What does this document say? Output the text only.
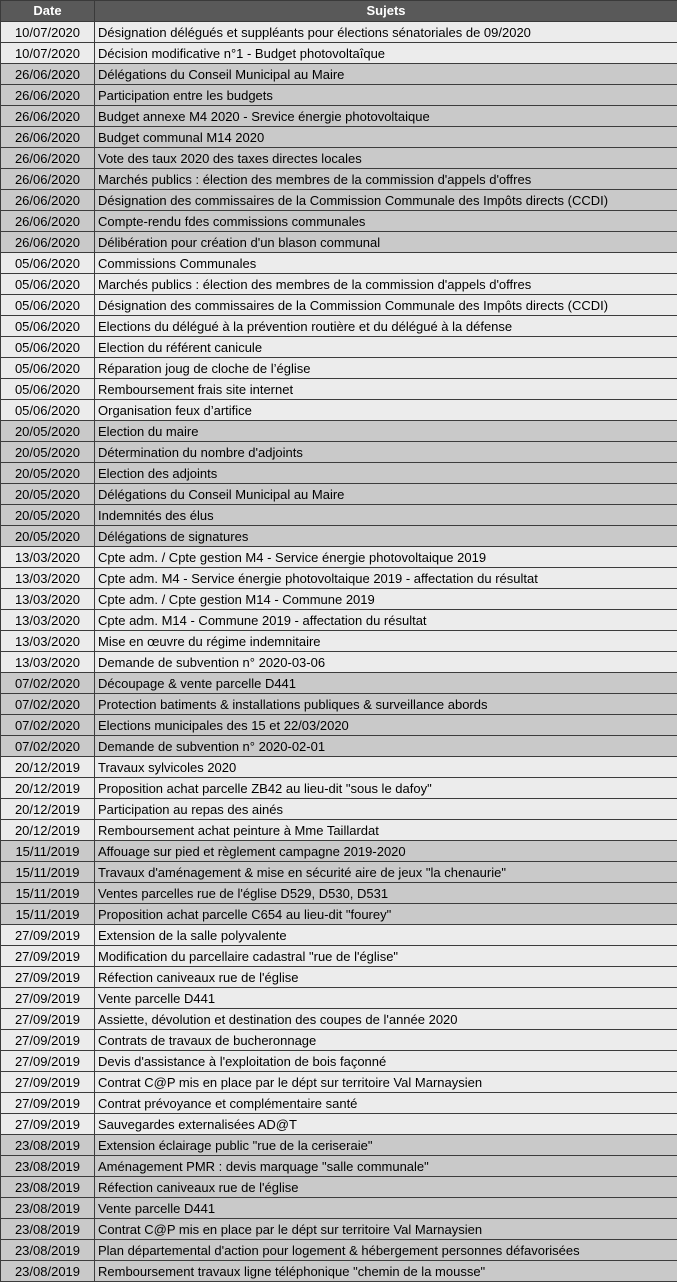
Date	Sujets
10/07/2020	Désignation délégués et suppléants pour élections sénatoriales de 09/2020
10/07/2020	Décision modificative n°1 - Budget photovoltaîque
26/06/2020	Délégations du Conseil Municipal au Maire
26/06/2020	Participation entre les budgets
26/06/2020	Budget annexe M4 2020 - Srevice énergie photovoltaique
26/06/2020	Budget communal M14 2020
26/06/2020	Vote des taux 2020 des taxes directes locales
26/06/2020	Marchés publics : élection des membres de la commission d'appels d'offres
26/06/2020	Désignation des commissaires de la Commission Communale des Impôts directs (CCDI)
26/06/2020	Compte-rendu fdes commissions communales
26/06/2020	Délibération pour création d'un blason communal
05/06/2020	Commissions Communales
05/06/2020	Marchés publics : élection des membres de la commission d'appels d'offres
05/06/2020	Désignation des commissaires de la Commission Communale des Impôts directs (CCDI)
05/06/2020	Elections du délégué à la prévention routière et du délégué à la défense
05/06/2020	Election du référent canicule
05/06/2020	Réparation joug de cloche de l’église
05/06/2020	Remboursement frais site internet
05/06/2020	Organisation feux d’artifice
20/05/2020	Election du maire
20/05/2020	Détermination du nombre d'adjoints
20/05/2020	Election des adjoints
20/05/2020	Délégations du Conseil Municipal au Maire
20/05/2020	Indemnités des élus
20/05/2020	Délégations de signatures
13/03/2020	Cpte adm. / Cpte gestion M4 - Service énergie photovoltaique 2019
13/03/2020	Cpte adm. M4 - Service énergie photovoltaique 2019 - affectation du résultat
13/03/2020	Cpte adm. / Cpte gestion M14 - Commune 2019
13/03/2020	Cpte adm. M14 - Commune 2019 - affectation du résultat
13/03/2020	Mise en œuvre du régime indemnitaire
13/03/2020	Demande de subvention n° 2020-03-06
07/02/2020	Découpage & vente parcelle D441
07/02/2020	Protection batiments & installations publiques & surveillance abords
07/02/2020	Elections municipales des 15 et 22/03/2020
07/02/2020	Demande de subvention n° 2020-02-01
20/12/2019	Travaux sylvicoles 2020
20/12/2019	Proposition achat parcelle ZB42 au lieu-dit "sous le dafoy"
20/12/2019	Participation au repas des ainés
20/12/2019	Remboursement achat peinture à Mme Taillardat
15/11/2019	Affouage sur pied et règlement campagne 2019-2020
15/11/2019	Travaux d'aménagement & mise en sécurité aire de jeux "la chenaurie"
15/11/2019	Ventes parcelles rue de l'église D529, D530, D531
15/11/2019	Proposition achat parcelle C654 au lieu-dit "fourey"
27/09/2019	Extension de la salle polyvalente
27/09/2019	Modification du parcellaire cadastral "rue de l'église"
27/09/2019	Réfection caniveaux rue de l'église
27/09/2019	Vente parcelle D441
27/09/2019	Assiette, dévolution et destination des coupes de l'année 2020
27/09/2019	Contrats de travaux de bucheronnage
27/09/2019	Devis d'assistance à l'exploitation de bois façonné
27/09/2019	Contrat C@P mis en place par le dépt sur territoire Val Marnaysien
27/09/2019	Contrat prévoyance et complémentaire santé
27/09/2019	Sauvegardes externalisées AD@T
23/08/2019	Extension éclairage public "rue de la ceriseraie"
23/08/2019	Aménagement PMR : devis marquage "salle communale"
23/08/2019	Réfection caniveaux rue de l'église
23/08/2019	Vente parcelle D441
23/08/2019	Contrat C@P mis en place par le dépt sur territoire Val Marnaysien
23/08/2019	Plan départemental d'action pour logement & hébergement personnes défavorisées
23/08/2019	Remboursement travaux ligne téléphonique "chemin de la mousse"
